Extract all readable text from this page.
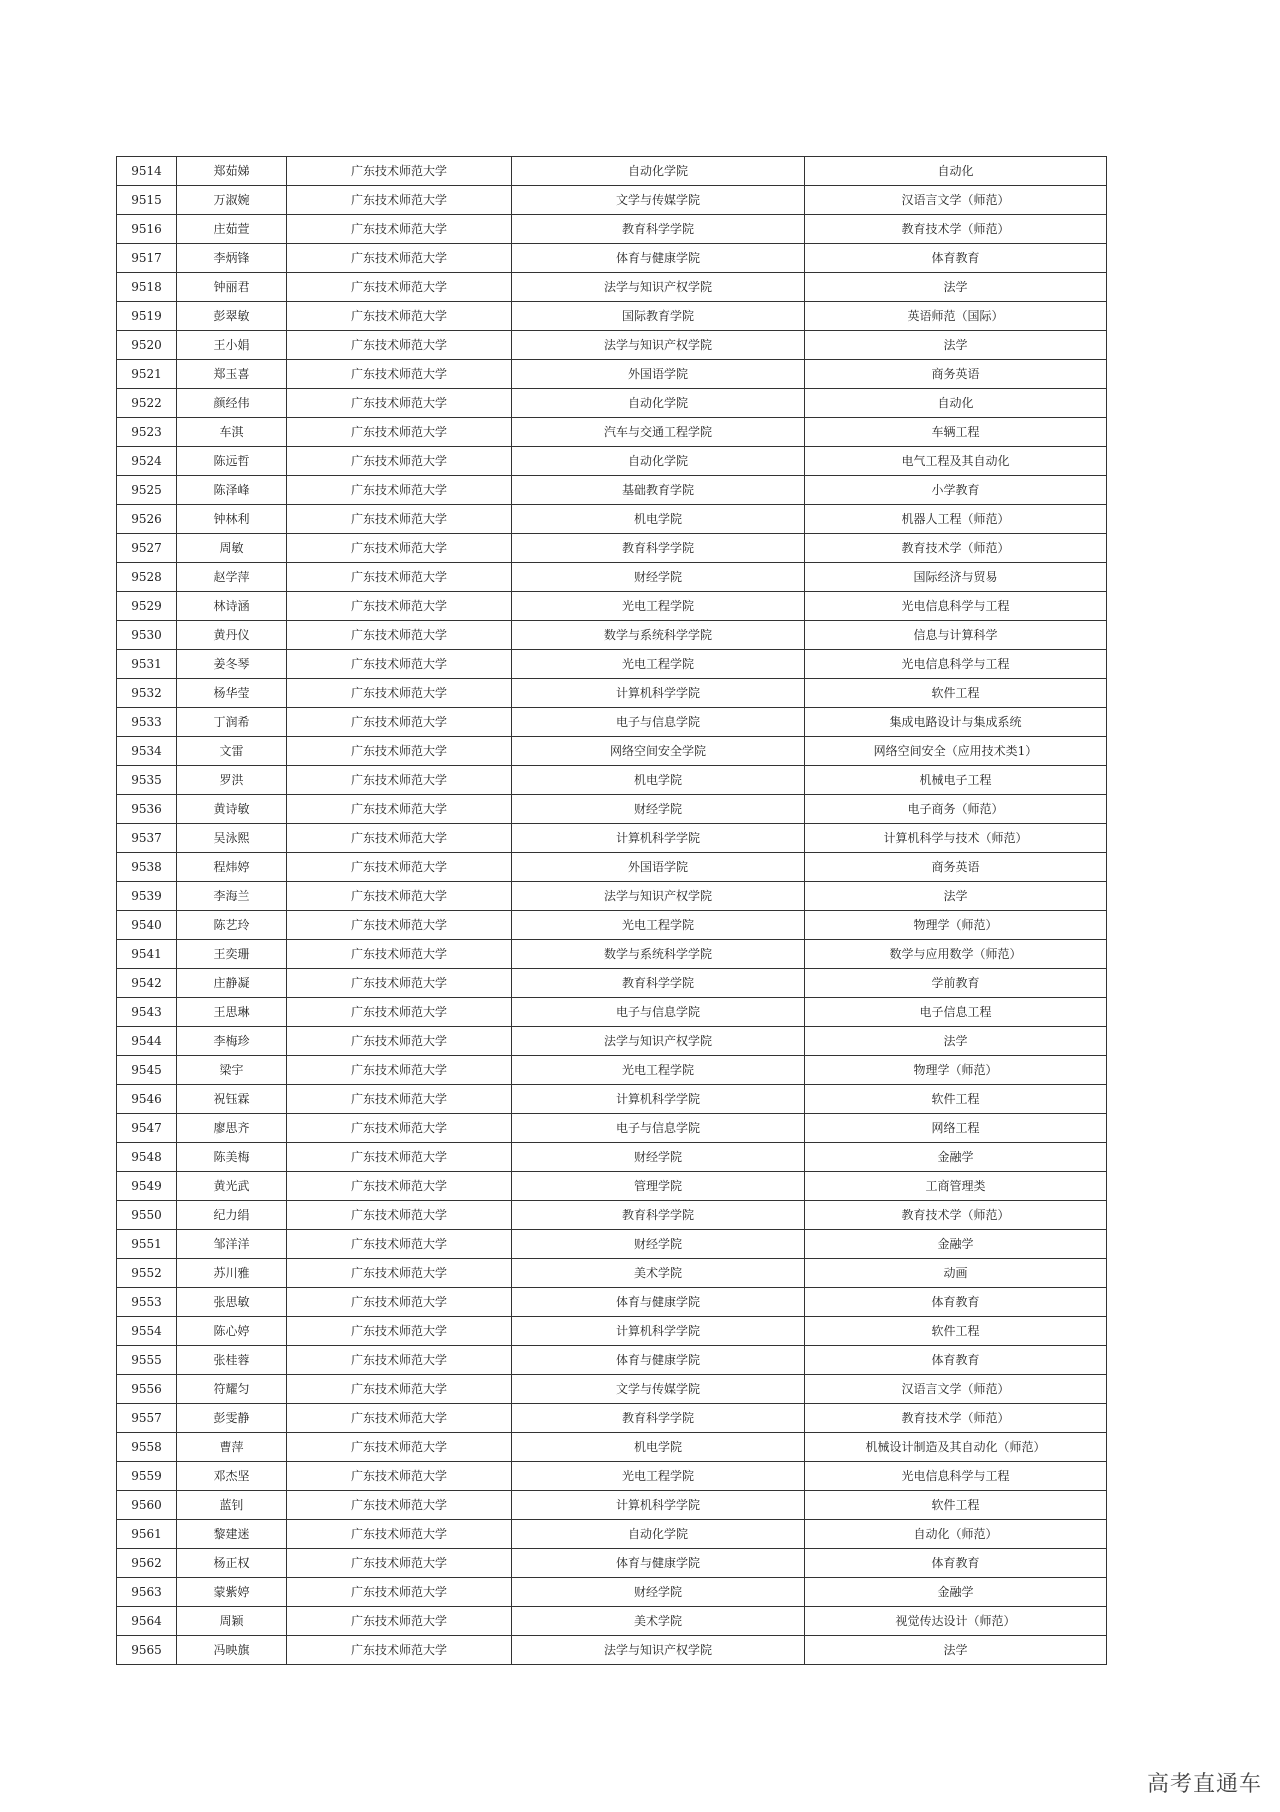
9514	郑茹娣	广东技术师范大学	自动化学院	自动化
9515	万淑婉	广东技术师范大学	文学与传媒学院	汉语言文学（师范）
9516	庄茹萱	广东技术师范大学	教育科学学院	教育技术学（师范）
9517	李炳锋	广东技术师范大学	体育与健康学院	体育教育
9518	钟丽君	广东技术师范大学	法学与知识产权学院	法学
9519	彭翠敏	广东技术师范大学	国际教育学院	英语师范（国际）
9520	王小娟	广东技术师范大学	法学与知识产权学院	法学
9521	郑玉喜	广东技术师范大学	外国语学院	商务英语
9522	颜经伟	广东技术师范大学	自动化学院	自动化
9523	车淇	广东技术师范大学	汽车与交通工程学院	车辆工程
9524	陈远哲	广东技术师范大学	自动化学院	电气工程及其自动化
9525	陈泽峰	广东技术师范大学	基础教育学院	小学教育
9526	钟林利	广东技术师范大学	机电学院	机器人工程（师范）
9527	周敏	广东技术师范大学	教育科学学院	教育技术学（师范）
9528	赵学萍	广东技术师范大学	财经学院	国际经济与贸易
9529	林诗涵	广东技术师范大学	光电工程学院	光电信息科学与工程
9530	黄丹仪	广东技术师范大学	数学与系统科学学院	信息与计算科学
9531	姜冬琴	广东技术师范大学	光电工程学院	光电信息科学与工程
9532	杨华莹	广东技术师范大学	计算机科学学院	软件工程
9533	丁润希	广东技术师范大学	电子与信息学院	集成电路设计与集成系统
9534	文雷	广东技术师范大学	网络空间安全学院	网络空间安全（应用技术类1）
9535	罗洪	广东技术师范大学	机电学院	机械电子工程
9536	黄诗敏	广东技术师范大学	财经学院	电子商务（师范）
9537	吴泳熙	广东技术师范大学	计算机科学学院	计算机科学与技术（师范）
9538	程炜婷	广东技术师范大学	外国语学院	商务英语
9539	李海兰	广东技术师范大学	法学与知识产权学院	法学
9540	陈艺玲	广东技术师范大学	光电工程学院	物理学（师范）
9541	王奕珊	广东技术师范大学	数学与系统科学学院	数学与应用数学（师范）
9542	庄静凝	广东技术师范大学	教育科学学院	学前教育
9543	王思琳	广东技术师范大学	电子与信息学院	电子信息工程
9544	李梅珍	广东技术师范大学	法学与知识产权学院	法学
9545	梁宇	广东技术师范大学	光电工程学院	物理学（师范）
9546	祝钰霖	广东技术师范大学	计算机科学学院	软件工程
9547	廖思齐	广东技术师范大学	电子与信息学院	网络工程
9548	陈美梅	广东技术师范大学	财经学院	金融学
9549	黄光武	广东技术师范大学	管理学院	工商管理类
9550	纪力绢	广东技术师范大学	教育科学学院	教育技术学（师范）
9551	邹洋洋	广东技术师范大学	财经学院	金融学
9552	苏川雅	广东技术师范大学	美术学院	动画
9553	张思敏	广东技术师范大学	体育与健康学院	体育教育
9554	陈心婷	广东技术师范大学	计算机科学学院	软件工程
9555	张桂蓉	广东技术师范大学	体育与健康学院	体育教育
9556	符耀匀	广东技术师范大学	文学与传媒学院	汉语言文学（师范）
9557	彭雯静	广东技术师范大学	教育科学学院	教育技术学（师范）
9558	曹萍	广东技术师范大学	机电学院	机械设计制造及其自动化（师范）
9559	邓杰坚	广东技术师范大学	光电工程学院	光电信息科学与工程
9560	蓝钊	广东技术师范大学	计算机科学学院	软件工程
9561	黎建迷	广东技术师范大学	自动化学院	自动化（师范）
9562	杨正权	广东技术师范大学	体育与健康学院	体育教育
9563	蒙紫婷	广东技术师范大学	财经学院	金融学
9564	周颖	广东技术师范大学	美术学院	视觉传达设计（师范）
9565	冯映旗	广东技术师范大学	法学与知识产权学院	法学
高考直通车
